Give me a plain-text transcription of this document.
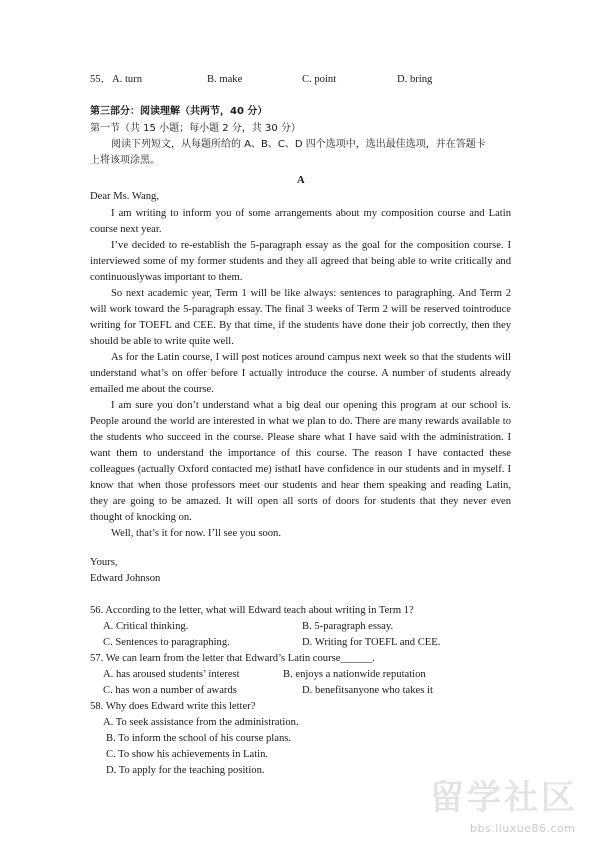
55． A. turn	B. make	C. point	D. bring
第三部分：阅读理解（共两节，40 分）
第一节（共 15 小题；每小题 2 分，共 30 分）
阅读下列短文，从每题所给的 A、B、C、D 四个选项中，选出最佳选项，并在答题卡
上将该项涂黑。
A
Dear Ms. Wang,
I am writing to inform you of some arrangements about my composition course and Latin
course next year.
I’ve decided to re-establish the 5-paragraph essay as the goal for the composition course. I
interviewed some of my former students and they all agreed that being able to write critically and
continuouslywas important to them.
So next academic year, Term 1 will be like always: sentences to paragraphing. And Term 2
will work toward the 5-paragraph essay. The final 3 weeks of Term 2 will be reserved tointroduce
writing for TOEFL and CEE. By that time, if the students have done their job correctly, then they
should be able to write quite well.
As for the Latin course, I will post notices around campus next week so that the students will
understand what’s on offer before I actually introduce the course. A number of students already
emailed me about the course.
I am sure you don’t understand what a big deal our opening this program at our school is.
People around the world are interested in what we plan to do. There are many rewards available to
the students who succeed in the course. Please share what I have said with the administration. I
want them to understand the importance of this course. The reason I have contacted these
colleagues (actually Oxford contacted me) isthatI have confidence in our students and in myself. I
know that when those professors meet our students and hear them speaking and reading Latin,
they are going to be amazed. It will open all sorts of doors for students that they never even
thought of knocking on.
Well, that’s it for now. I’ll see you soon.
Yours,
Edward Johnson
56. According to the letter, what will Edward teach about writing in Term 1?
A. Critical thinking.	B. 5-paragraph essay.
C. Sentences to paragraphing.	D. Writing for TOEFL and CEE.
57. We can learn from the letter that Edward’s Latin course______.
A. has aroused students’ interest	B. enjoys a nationwide reputation
C. has won a number of awards	D. benefitsanyone who takes it
58. Why does Edward write this letter?
A. To seek assistance from the administration.
B. To inform the school of his course plans.
C. To show his achievements in Latin.
D. To apply for the teaching position.
留学社区
bbs.liuxue86.com
